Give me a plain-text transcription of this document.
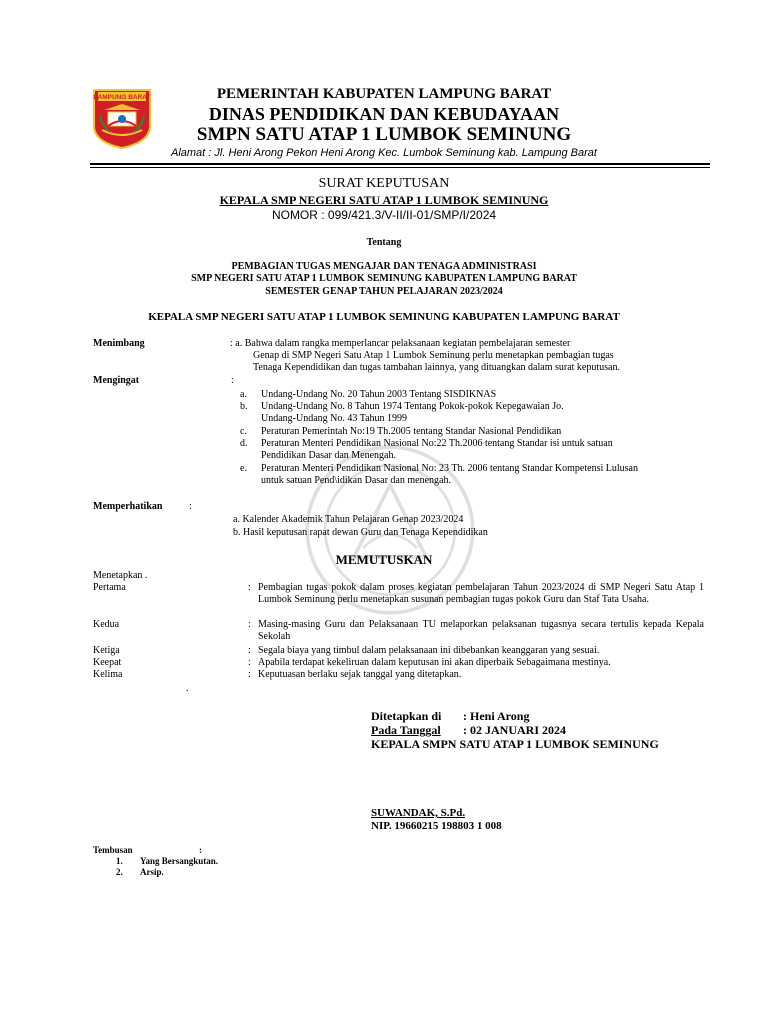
LAMPUNG BARAT	PEMERINTAH KABUPATEN LAMPUNG BARAT
DINAS PENDIDIKAN DAN KEBUDAYAAN
SMPN SATU ATAP 1 LUMBOK SEMINUNG
Alamat : Jl. Heni Arong Pekon Heni Arong Kec. Lumbok Seminung kab. Lampung Barat
SURAT KEPUTUSAN
KEPALA SMP NEGERI SATU ATAP 1 LUMBOK SEMINUNG
NOMOR : 099/421.3/V-II/II-01/SMP/I/2024
Tentang
PEMBAGIAN TUGAS MENGAJAR DAN TENAGA ADMINISTRASI
SMP NEGERI SATU ATAP 1 LUMBOK SEMINUNG KABUPATEN LAMPUNG BARAT
SEMESTER GENAP TAHUN PELAJARAN 2023/2024
KEPALA SMP NEGERI SATU ATAP 1 LUMBOK SEMINUNG KABUPATEN LAMPUNG BARAT
Menimbang	: a. Bahwa dalam rangka memperlancar pelaksanaan kegiatan pembelajaran semester
Genap di SMP Negeri Satu Atap 1 Lumbok Seminung perlu menetapkan pembagian tugas
Tenaga Kependidikan dan tugas tambahan lainnya, yang dituangkan dalam surat keputusan.
Mengingat	:
a. Undang-Undang No. 20 Tahun 2003 Tentang SISDIKNAS
b. Undang-Undang No. 8 Tahun 1974 Tentang Pokok-pokok Kepegawaian Jo.
Undang-Undang No. 43 Tahun 1999
c. Peraturan Pemerintah No:19 Th.2005 tentang Standar Nasional Pendidikan
d. Peraturan Menteri Pendidikan Nasional No:22 Th.2006 tentang Standar isi untuk satuan
Pendidikan Dasar dan Menengah.
e. Peraturan Menteri Pendidikan Nasional No: 23 Th. 2006 tentang Standar Kompetensi Lulusan
untuk satuan Pend\idikan Dasar dan menengah.
Memperhatikan	:
a. Kalender Akademik Tahun Pelajaran Genap 2023/2024
b. Hasil keputusan rapat dewan Guru dan Tenaga Kependidikan
MEMUTUSKAN
Menetapkan .
Pertama	: Pembagian tugas pokok dalam proses kegiatan pembelajaran Tahun 2023/2024 di SMP Negeri Satu Atap 1 Lumbok Seminung perlu menetapkan susunan pembagian tugas pokok Guru dan Staf Tata Usaha.
Kedua	: Masing-masing Guru dan Pelaksanaan TU melaporkan pelaksanan tugasnya secara tertulis kepada Kepala Sekolah
Ketiga	: Segala biaya yang timbul dalam pelaksanaan ini dibebankan keanggaran yang sesuai.
Keepat	: Apabila terdapat kekeliruan dalam keputusan ini akan diperbaik Sebagaimana mestinya.
Kelima	: Keputuasan berlaku sejak tanggal yang ditetapkan.
.
Ditetapkan di : Heni Arong
Pada Tanggal : 02 JANUARI 2024
KEPALA SMPN SATU ATAP 1 LUMBOK SEMINUNG
SUWANDAK, S.Pd.
NIP. 19660215 198803 1 008
Tembusan	:
1. Yang Bersangkutan.
2. Arsip.
